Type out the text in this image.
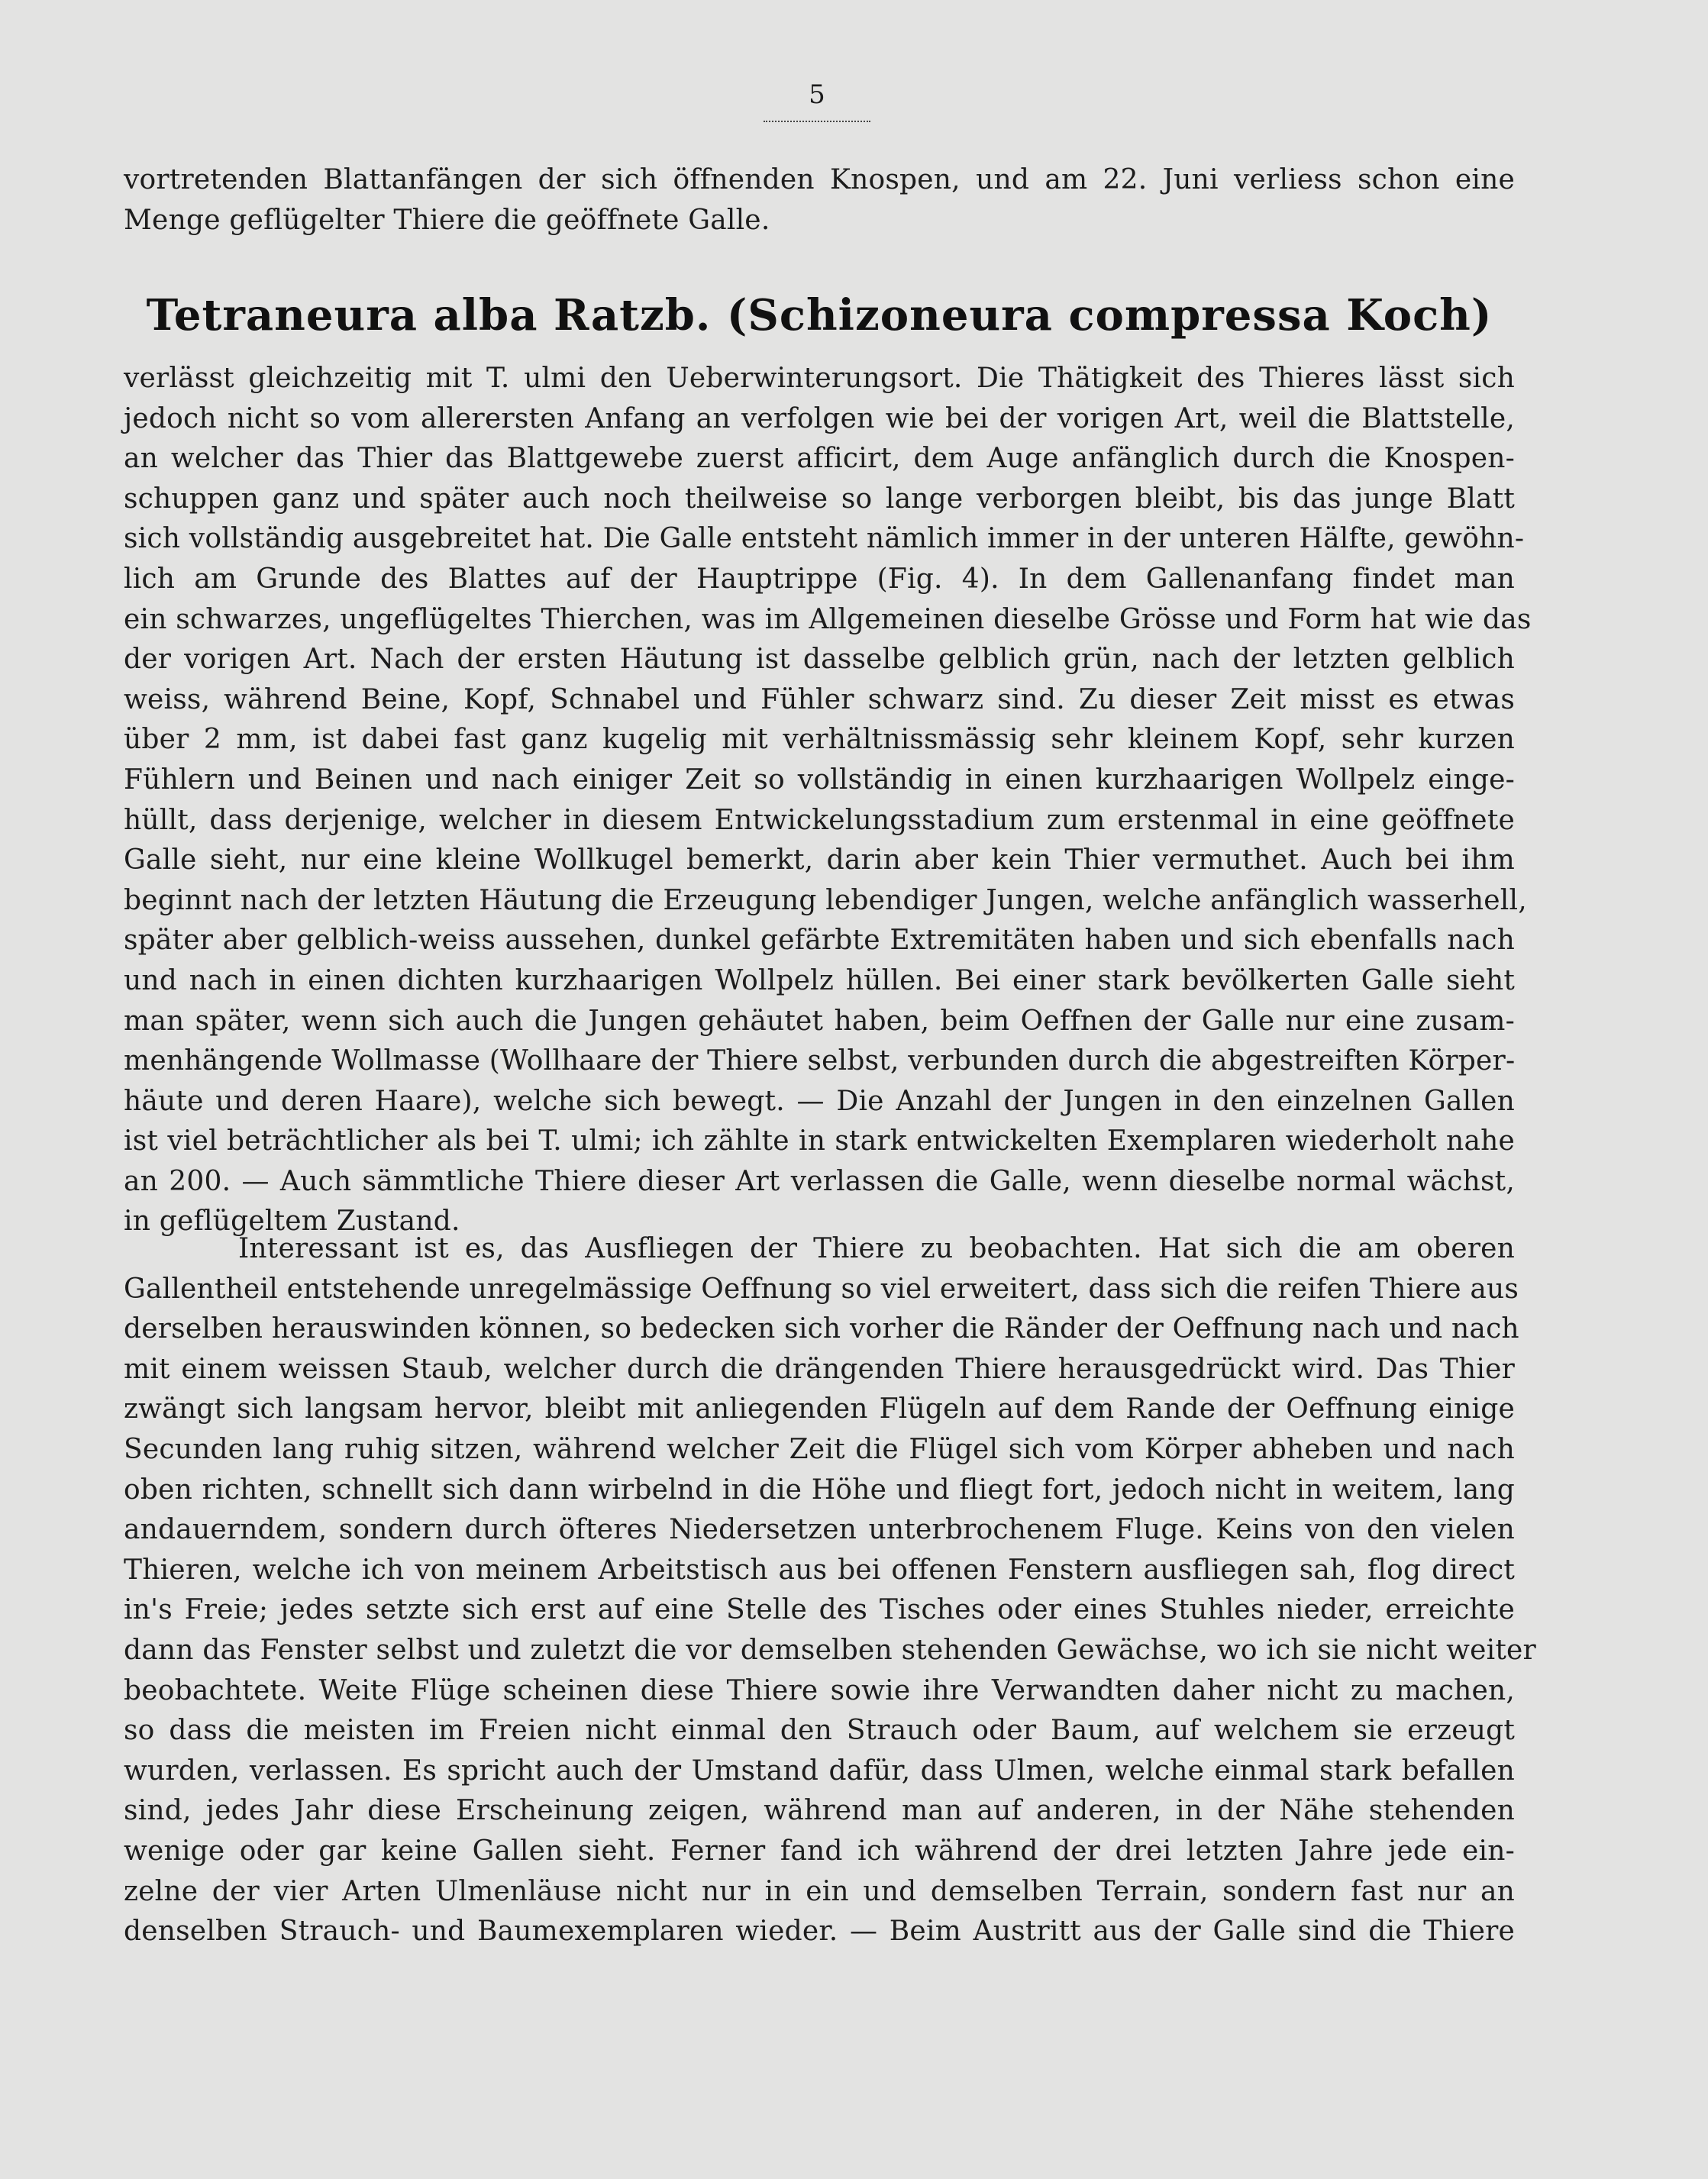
5
vortretenden Blattanfängen der sich öffnenden Knospen, und am 22. Juni verliess schon eine
Menge geflügelter Thiere die geöffnete Galle.
Tetraneura alba Ratzb. (Schizoneura compressa Koch)
verlässt gleichzeitig mit T. ulmi den Ueberwinterungsort. Die Thätigkeit des Thieres lässt sich
jedoch nicht so vom allerersten Anfang an verfolgen wie bei der vorigen Art, weil die Blattstelle,
an welcher das Thier das Blattgewebe zuerst afficirt, dem Auge anfänglich durch die Knospen-
schuppen ganz und später auch noch theilweise so lange verborgen bleibt, bis das junge Blatt
sich vollständig ausgebreitet hat. Die Galle entsteht nämlich immer in der unteren Hälfte, gewöhn-
lich am Grunde des Blattes auf der Hauptrippe (Fig. 4). In dem Gallenanfang findet man
ein schwarzes, ungeflügeltes Thierchen, was im Allgemeinen dieselbe Grösse und Form hat wie das
der vorigen Art. Nach der ersten Häutung ist dasselbe gelblich grün, nach der letzten gelblich
weiss, während Beine, Kopf, Schnabel und Fühler schwarz sind. Zu dieser Zeit misst es etwas
über 2 mm, ist dabei fast ganz kugelig mit verhältnissmässig sehr kleinem Kopf, sehr kurzen
Fühlern und Beinen und nach einiger Zeit so vollständig in einen kurzhaarigen Wollpelz einge-
hüllt, dass derjenige, welcher in diesem Entwickelungsstadium zum erstenmal in eine geöffnete
Galle sieht, nur eine kleine Wollkugel bemerkt, darin aber kein Thier vermuthet. Auch bei ihm
beginnt nach der letzten Häutung die Erzeugung lebendiger Jungen, welche anfänglich wasserhell,
später aber gelblich-weiss aussehen, dunkel gefärbte Extremitäten haben und sich ebenfalls nach
und nach in einen dichten kurzhaarigen Wollpelz hüllen. Bei einer stark bevölkerten Galle sieht
man später, wenn sich auch die Jungen gehäutet haben, beim Oeffnen der Galle nur eine zusam-
menhängende Wollmasse (Wollhaare der Thiere selbst, verbunden durch die abgestreiften Körper-
häute und deren Haare), welche sich bewegt. — Die Anzahl der Jungen in den einzelnen Gallen
ist viel beträchtlicher als bei T. ulmi; ich zählte in stark entwickelten Exemplaren wiederholt nahe
an 200. — Auch sämmtliche Thiere dieser Art verlassen die Galle, wenn dieselbe normal wächst,
in geflügeltem Zustand.
Interessant ist es, das Ausfliegen der Thiere zu beobachten. Hat sich die am oberen
Gallentheil entstehende unregelmässige Oeffnung so viel erweitert, dass sich die reifen Thiere aus
derselben herauswinden können, so bedecken sich vorher die Ränder der Oeffnung nach und nach
mit einem weissen Staub, welcher durch die drängenden Thiere herausgedrückt wird. Das Thier
zwängt sich langsam hervor, bleibt mit anliegenden Flügeln auf dem Rande der Oeffnung einige
Secunden lang ruhig sitzen, während welcher Zeit die Flügel sich vom Körper abheben und nach
oben richten, schnellt sich dann wirbelnd in die Höhe und fliegt fort, jedoch nicht in weitem, lang
andauerndem, sondern durch öfteres Niedersetzen unterbrochenem Fluge. Keins von den vielen
Thieren, welche ich von meinem Arbeitstisch aus bei offenen Fenstern ausfliegen sah, flog direct
in's Freie; jedes setzte sich erst auf eine Stelle des Tisches oder eines Stuhles nieder, erreichte
dann das Fenster selbst und zuletzt die vor demselben stehenden Gewächse, wo ich sie nicht weiter
beobachtete. Weite Flüge scheinen diese Thiere sowie ihre Verwandten daher nicht zu machen,
so dass die meisten im Freien nicht einmal den Strauch oder Baum, auf welchem sie erzeugt
wurden, verlassen. Es spricht auch der Umstand dafür, dass Ulmen, welche einmal stark befallen
sind, jedes Jahr diese Erscheinung zeigen, während man auf anderen, in der Nähe stehenden
wenige oder gar keine Gallen sieht. Ferner fand ich während der drei letzten Jahre jede ein-
zelne der vier Arten Ulmenläuse nicht nur in ein und demselben Terrain, sondern fast nur an
denselben Strauch- und Baumexemplaren wieder. — Beim Austritt aus der Galle sind die Thiere
